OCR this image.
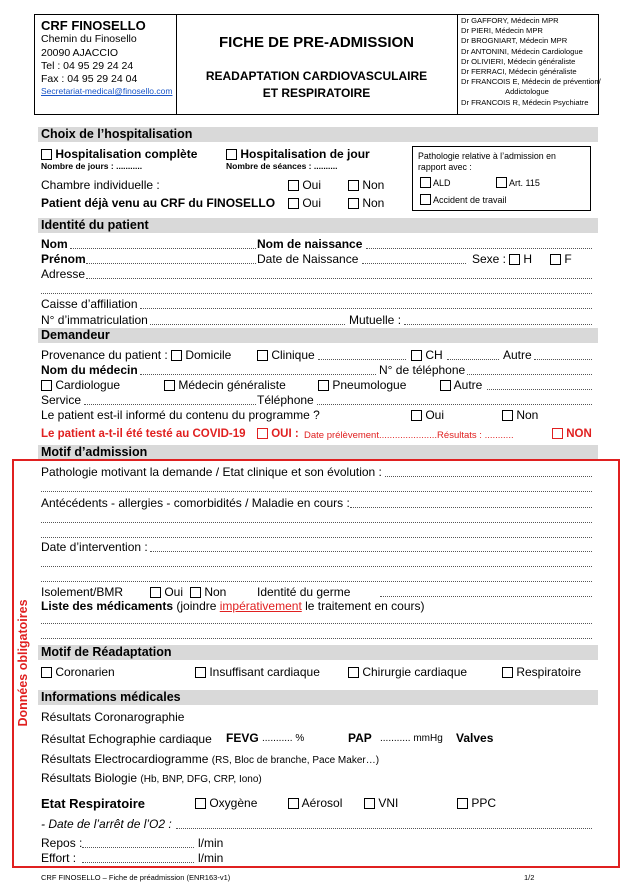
CRF FINOSELLO
Chemin du Finosello
20090 AJACCIO
Tel : 04 95 29 24 24
Fax : 04 95 29 24 04
Secretariat-medical@finosello.com
FICHE DE PRE-ADMISSION
READAPTATION CARDIOVASCULAIRE
ET RESPIRATOIRE
Dr GAFFORY, Médecin MPR
Dr PIERI, Médecin MPR
Dr BROGNIART, Médecin MPR
Dr ANTONINI, Médecin Cardiologue
Dr OLIVIERI, Médecin généraliste
Dr FERRACI, Médecin généraliste
Dr FRANCOIS E, Médecin de prévention/
Addictologue
Dr FRANCOIS R, Médecin Psychiatre
Choix de l’hospitalisation
Hospitalisation complète	Hospitalisation de jour
Nombre de jours : ...........	Nombre de séances : ..........
Chambre individuelle :	Oui	Non
Patient déjà venu au CRF du FINOSELLO	Oui	Non
Pathologie relative à l’admission en rapport avec :
ALD	Art. 115
Accident de travail
Identité du patient
Nom	Nom de naissance
Prénom	Date de Naissance	Sexe :	H	F
Adresse
Caisse d’affiliation
N° d’immatriculation	Mutuelle :
Demandeur
Provenance du patient :	Domicile	Clinique	CH	Autre
Nom du médecin	N° de téléphone
Cardiologue	Médecin généraliste	Pneumologue	Autre
Service	Téléphone
Le patient est-il informé du contenu du programme ?	Oui	Non
Le patient a-t-il été testé au COVID-19	OUI : Date prélèvement......................Résultats : ...........	NON
Motif d’admission
Données obligatoires
Pathologie motivant la demande / Etat clinique et son évolution :
Antécédents - allergies - comorbidités / Maladie en cours :
Date d’intervention :
Isolement/BMR	Oui	Non	Identité du germe
Liste des médicaments (joindre impérativement le traitement en cours)
Motif de Réadaptation
Coronarien	Insuffisant cardiaque	Chirurgie cardiaque	Respiratoire
Informations médicales
Résultats Coronarographie
Résultat Echographie cardiaque FEVG ........... %	PAP ........... mmHg Valves
Résultats Electrocardiogramme (RS, Bloc de branche, Pace Maker…)
Résultats Biologie (Hb, BNP, DFG, CRP, Iono)
Etat Respiratoire	Oxygène	Aérosol	VNI	PPC
- Date de l’arrêt de l’O2 :
Repos :	l/min
Effort :	l/min
CRF FINOSELLO – Fiche de préadmission (ENR163-v1)	1/2
